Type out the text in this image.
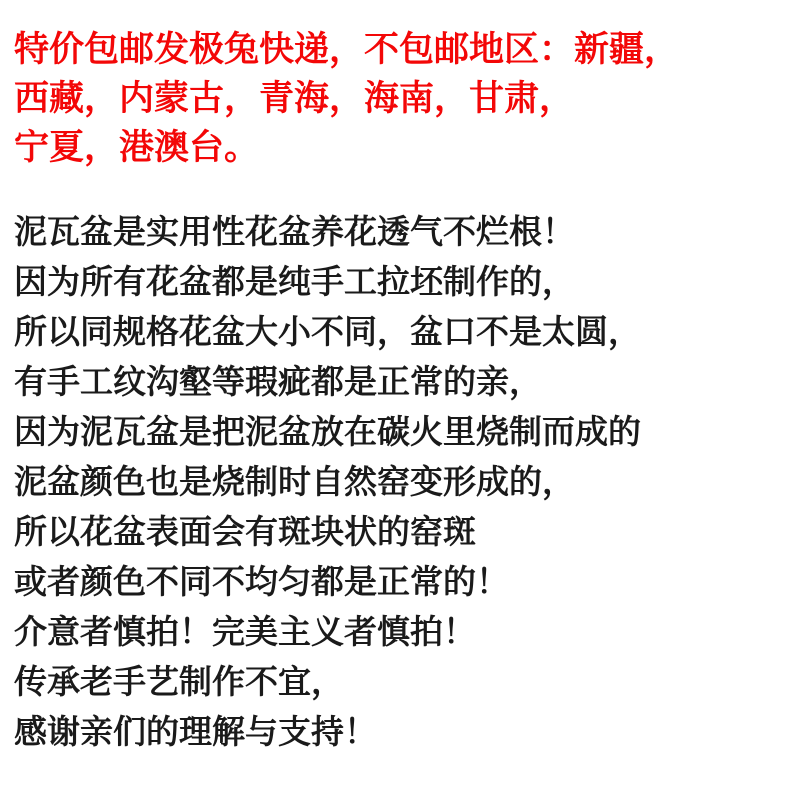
特价包邮发极兔快递，不包邮地区：新疆，
西藏，内蒙古，青海，海南，甘肃，
宁夏，港澳台。
泥瓦盆是实用性花盆养花透气不烂根！
因为所有花盆都是纯手工拉坯制作的，
所以同规格花盆大小不同，盆口不是太圆，
有手工纹沟壑等瑕疵都是正常的亲，
因为泥瓦盆是把泥盆放在碳火里烧制而成的
泥盆颜色也是烧制时自然窑变形成的，
所以花盆表面会有斑块状的窑斑
或者颜色不同不均匀都是正常的！
介意者慎拍！完美主义者慎拍！
传承老手艺制作不宜，
感谢亲们的理解与支持！
